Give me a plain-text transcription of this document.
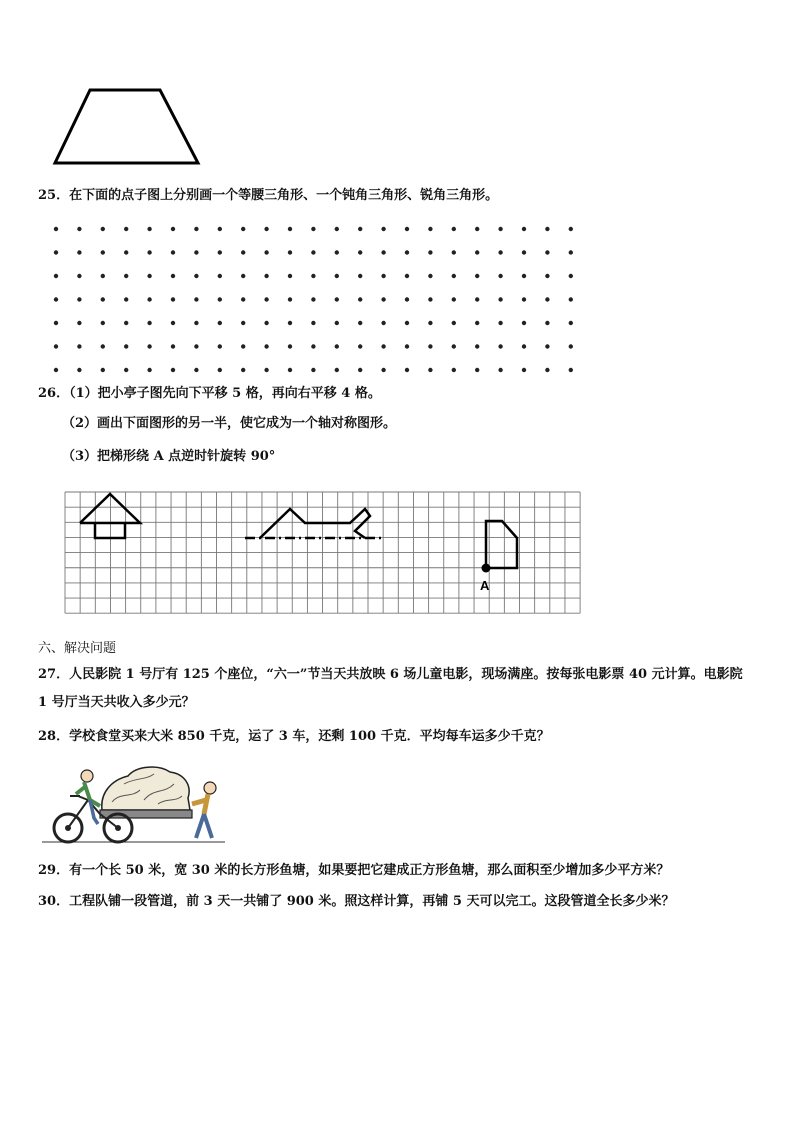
25．在下面的点子图上分别画一个等腰三角形、一个钝角三角形、锐角三角形。
26．（1）把小亭子图先向下平移 5 格，再向右平移 4 格。
（2）画出下面图形的另一半，使它成为一个轴对称图形。
（3）把梯形绕 A 点逆时针旋转 90°
A
六、解决问题
27．人民影院 1 号厅有 125 个座位，“六一”节当天共放映 6 场儿童电影，现场满座。按每张电影票 40 元计算。电影院
1 号厅当天共收入多少元？
28．学校食堂买来大米 850 千克，运了 3 车，还剩 100 千克．平均每车运多少千克？
29．有一个长 50 米，宽 30 米的长方形鱼塘，如果要把它建成正方形鱼塘，那么面积至少增加多少平方米？
30．工程队铺一段管道，前 3 天一共铺了 900 米。照这样计算，再铺 5 天可以完工。这段管道全长多少米？
